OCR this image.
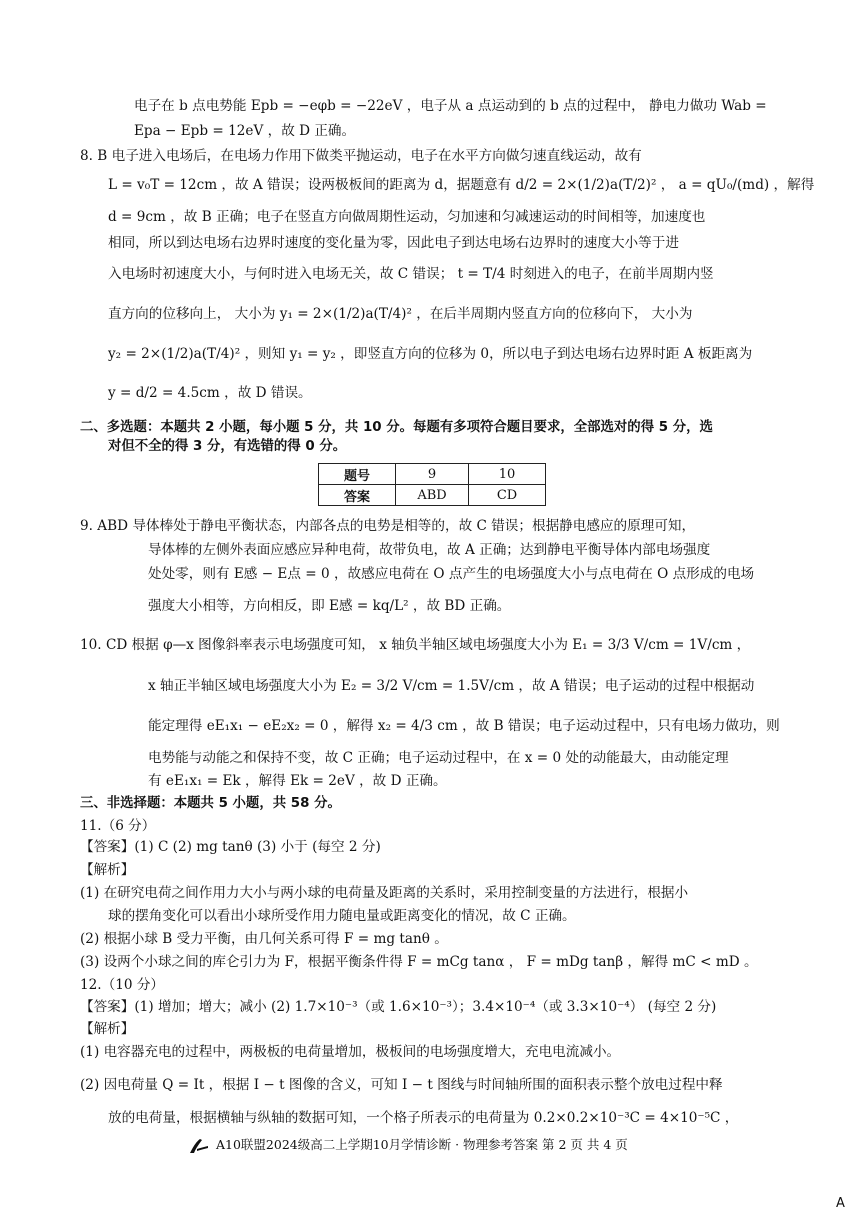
电子在 b 点电势能 Epb = −eφb = −22eV ，电子从 a 点运动到的 b 点的过程中， 静电力做功 Wab =
Epa − Epb = 12eV ，故 D 正确。
8. B 电子进入电场后，在电场力作用下做类平抛运动，电子在水平方向做匀速直线运动，故有
L = v₀T = 12cm ，故 A 错误；设两极板间的距离为 d，据题意有 d/2 = 2×(1/2)a(T/2)² ， a = qU₀/(md) ，解得
d = 9cm ，故 B 正确；电子在竖直方向做周期性运动，匀加速和匀减速运动的时间相等，加速度也
相同，所以到达电场右边界时速度的变化量为零，因此电子到达电场右边界时的速度大小等于进
入电场时初速度大小，与何时进入电场无关，故 C 错误； t = T/4 时刻进入的电子，在前半周期内竖
直方向的位移向上， 大小为 y₁ = 2×(1/2)a(T/4)² ，在后半周期内竖直方向的位移向下， 大小为
y₂ = 2×(1/2)a(T/4)² ，则知 y₁ = y₂ ，即竖直方向的位移为 0，所以电子到达电场右边界时距 A 板距离为
y = d/2 = 4.5cm ，故 D 错误。
二、多选题：本题共 2 小题，每小题 5 分，共 10 分。每题有多项符合题目要求，全部选对的得 5 分，选
对但不全的得 3 分，有选错的得 0 分。
题号	9	10
答案	ABD	CD
9. ABD 导体棒处于静电平衡状态，内部各点的电势是相等的，故 C 错误；根据静电感应的原理可知，
导体棒的左侧外表面应感应异种电荷，故带负电，故 A 正确；达到静电平衡导体内部电场强度
处处零，则有 E感 − E点 = 0 ，故感应电荷在 O 点产生的电场强度大小与点电荷在 O 点形成的电场
强度大小相等，方向相反，即 E感 = kq/L² ，故 BD 正确。
10. CD 根据 φ—x 图像斜率表示电场强度可知， x 轴负半轴区域电场强度大小为 E₁ = 3/3 V/cm = 1V/cm ，
x 轴正半轴区域电场强度大小为 E₂ = 3/2 V/cm = 1.5V/cm ，故 A 错误；电子运动的过程中根据动
能定理得 eE₁x₁ − eE₂x₂ = 0 ，解得 x₂ = 4/3 cm ，故 B 错误；电子运动过程中，只有电场力做功，则
电势能与动能之和保持不变，故 C 正确；电子运动过程中，在 x = 0 处的动能最大，由动能定理
有 eE₁x₁ = Ek ，解得 Ek = 2eV ，故 D 正确。
三、非选择题：本题共 5 小题，共 58 分。
11.（6 分）
【答案】(1) C (2) mg tanθ (3) 小于 (每空 2 分)
【解析】
(1) 在研究电荷之间作用力大小与两小球的电荷量及距离的关系时，采用控制变量的方法进行，根据小
球的摆角变化可以看出小球所受作用力随电量或距离变化的情况，故 C 正确。
(2) 根据小球 B 受力平衡，由几何关系可得 F = mg tanθ 。
(3) 设两个小球之间的库仑引力为 F，根据平衡条件得 F = mCg tanα ， F = mDg tanβ ，解得 mC < mD 。
12.（10 分）
【答案】(1) 增加；增大；减小 (2) 1.7×10⁻³（或 1.6×10⁻³）；3.4×10⁻⁴（或 3.3×10⁻⁴） (每空 2 分)
【解析】
(1) 电容器充电的过程中，两极板的电荷量增加，极板间的电场强度增大，充电电流减小。
(2) 因电荷量 Q = It ，根据 I − t 图像的含义，可知 I − t 图线与时间轴所围的面积表示整个放电过程中释
放的电荷量，根据横轴与纵轴的数据可知，一个格子所表示的电荷量为 0.2×0.2×10⁻³C = 4×10⁻⁵C ，
A10联盟2024级高二上学期10月学情诊断 · 物理参考答案 第 2 页 共 4 页
A
